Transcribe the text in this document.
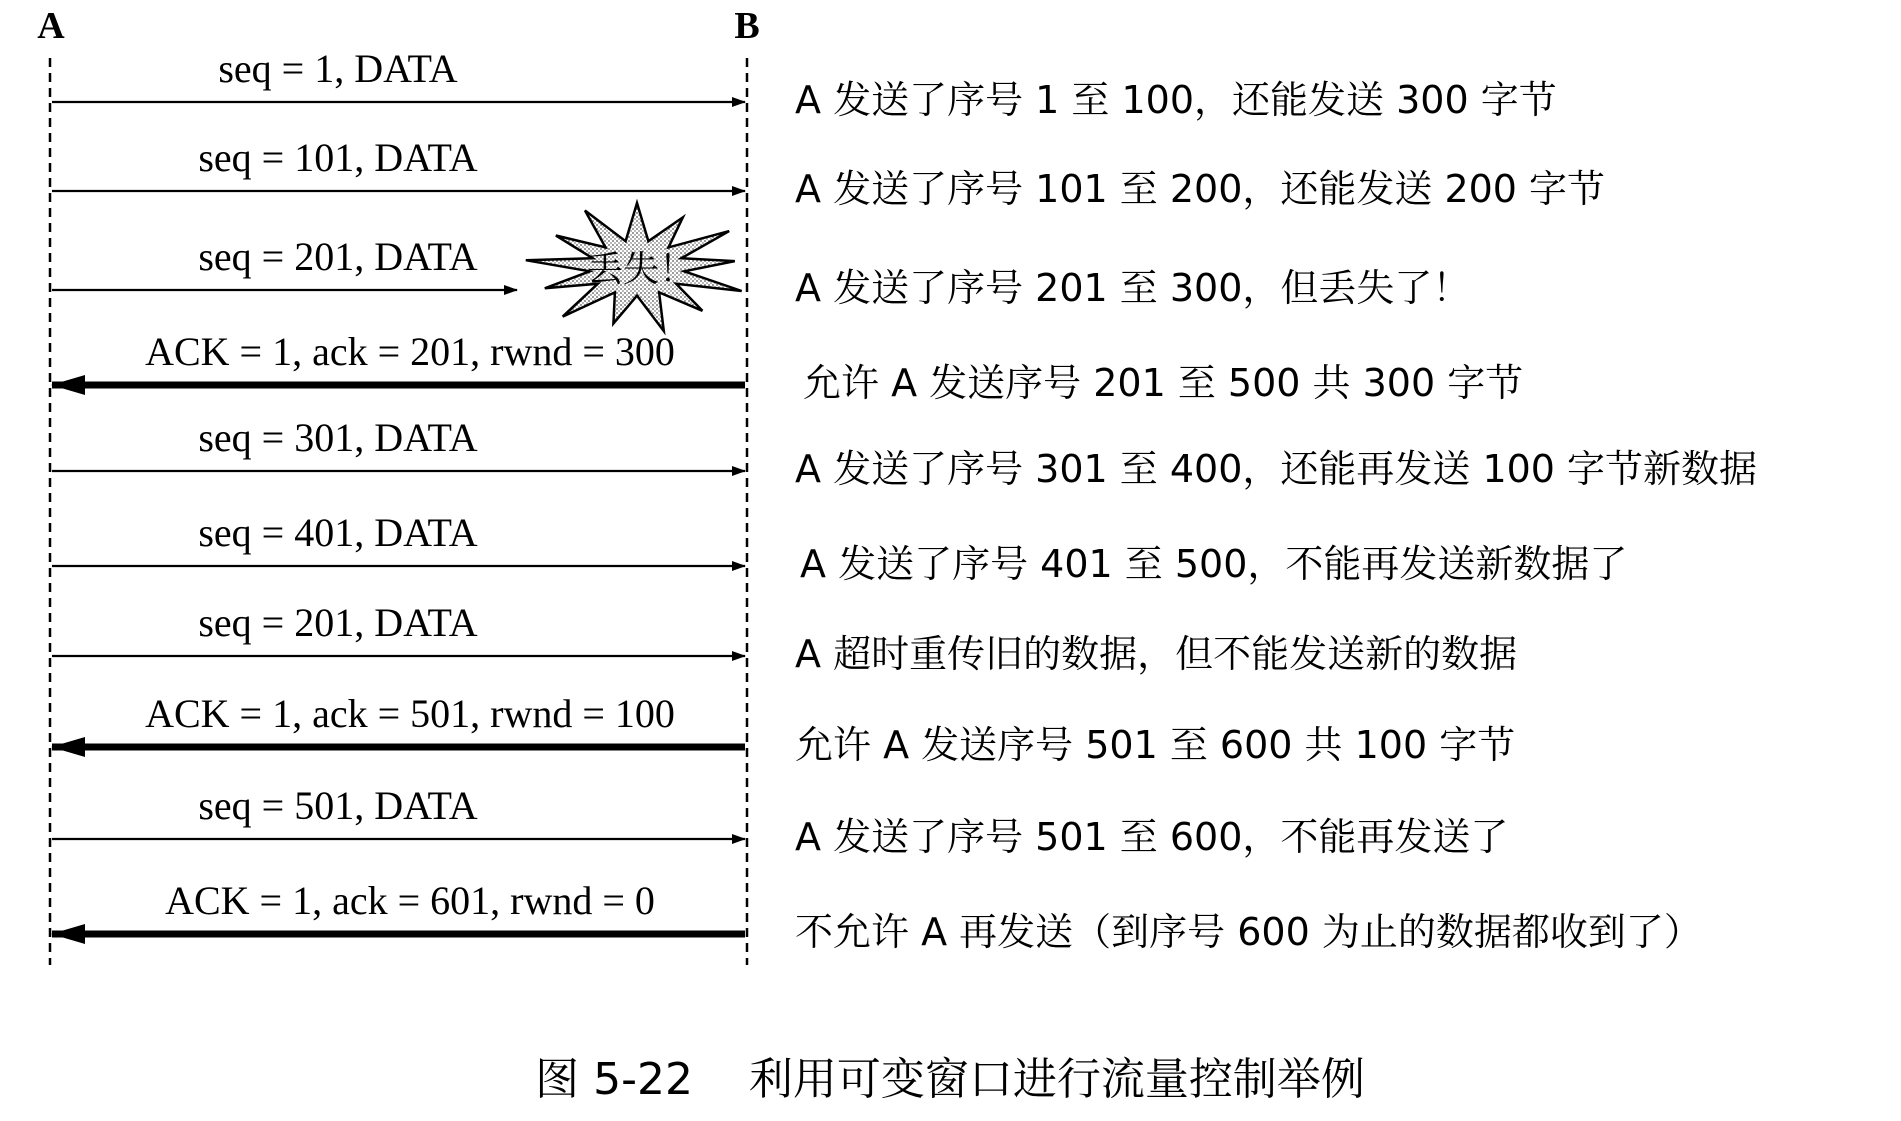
A	B
seq = 1, DATA
A 发送了序号 1 至 100，还能发送 300 字节
seq = 101, DATA
A 发送了序号 101 至 200，还能发送 200 字节
seq = 201, DATA
A 发送了序号 201 至 300，但丢失了！
丢失！
ACK = 1, ack = 201, rwnd = 300
允许 A 发送序号 201 至 500 共 300 字节
seq = 301, DATA
A 发送了序号 301 至 400，还能再发送 100 字节新数据
seq = 401, DATA
A 发送了序号 401 至 500，不能再发送新数据了
seq = 201, DATA
A 超时重传旧的数据，但不能发送新的数据
ACK = 1, ack = 501, rwnd = 100
允许 A 发送序号 501 至 600 共 100 字节
seq = 501, DATA
A 发送了序号 501 至 600，不能再发送了
ACK = 1, ack = 601, rwnd = 0
不允许 A 再发送（到序号 600 为止的数据都收到了）
图 5-22    利用可变窗口进行流量控制举例
